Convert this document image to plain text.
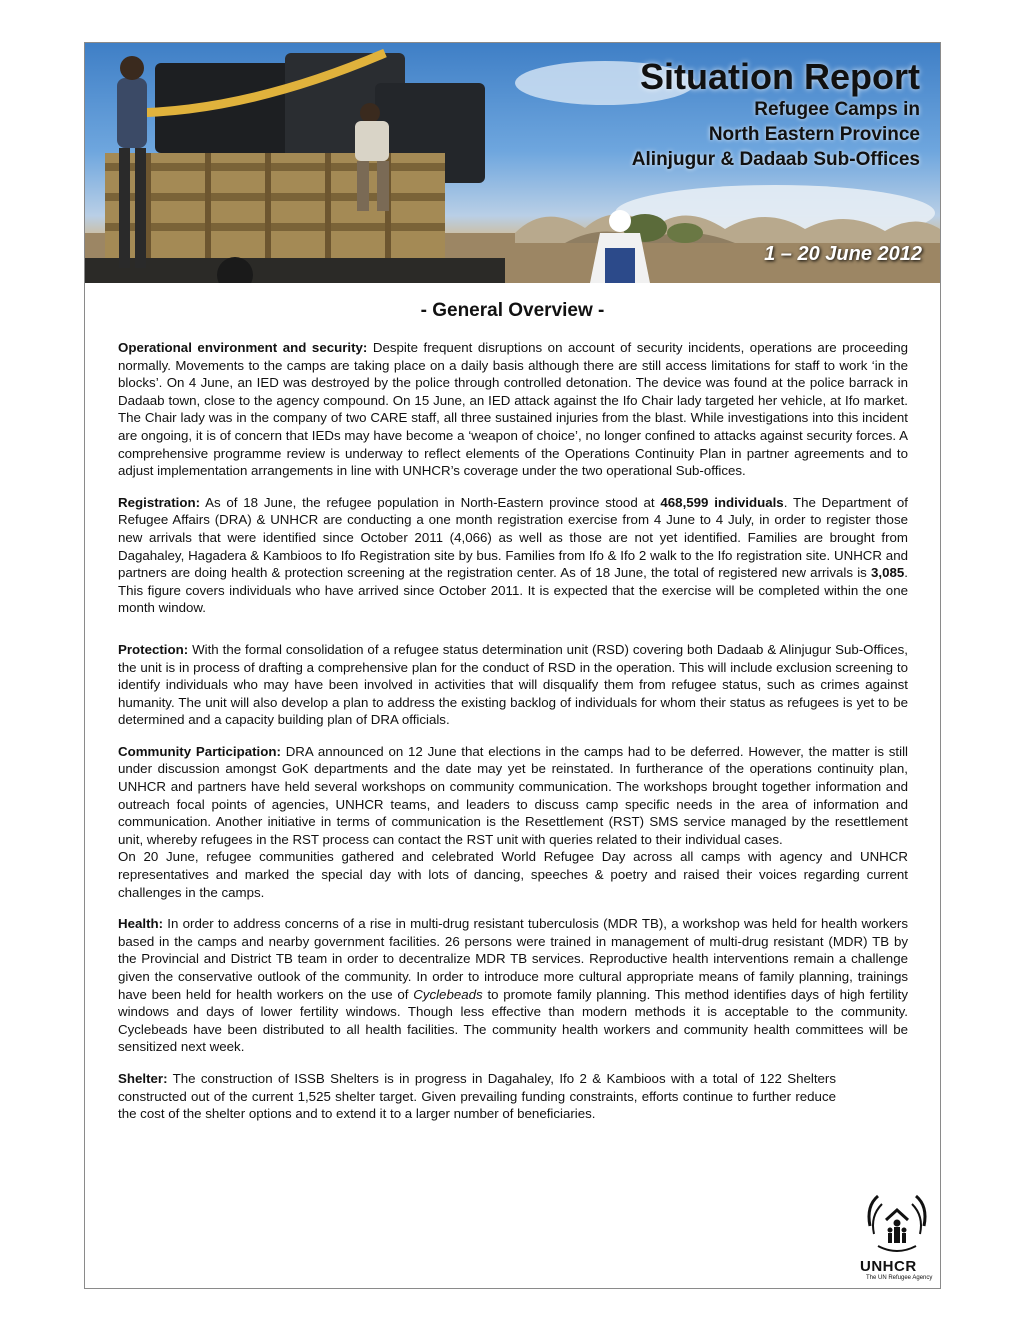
Situation Report
Refugee Camps in
North Eastern Province
Alinjugur & Dadaab Sub-Offices
1 – 20 June 2012
- General Overview -

Operational environment and security: Despite frequent disruptions on account of security incidents, operations are proceeding normally. Movements to the camps are taking place on a daily basis although there are still access limitations for staff to work ‘in the blocks’. On 4 June, an IED was destroyed by the police through controlled detonation. The device was found at the police barrack in Dadaab town, close to the agency compound. On 15 June, an IED attack against the Ifo Chair lady targeted her vehicle, at Ifo market. The Chair lady was in the company of two CARE staff, all three sustained injuries from the blast. While investigations into this incident are ongoing, it is of concern that IEDs may have become a ‘weapon of choice’, no longer confined to attacks against security forces. A comprehensive programme review is underway to reflect elements of the Operations Continuity Plan in partner agreements and to adjust implementation arrangements in line with UNHCR’s coverage under the two operational Sub-offices.

Registration: As of 18 June, the refugee population in North-Eastern province stood at 468,599 individuals. The Department of Refugee Affairs (DRA) & UNHCR are conducting a one month registration exercise from 4 June to 4 July, in order to register those new arrivals that were identified since October 2011 (4,066) as well as those are not yet identified. Families are brought from Dagahaley, Hagadera & Kambioos to Ifo Registration site by bus. Families from Ifo & Ifo 2 walk to the Ifo registration site. UNHCR and partners are doing health & protection screening at the registration center. As of 18 June, the total of registered new arrivals is 3,085. This figure covers individuals who have arrived since October 2011. It is expected that the exercise will be completed within the one month window.

Protection: With the formal consolidation of a refugee status determination unit (RSD) covering both Dadaab & Alinjugur Sub-Offices, the unit is in process of drafting a comprehensive plan for the conduct of RSD in the operation. This will include exclusion screening to identify individuals who may have been involved in activities that will disqualify them from refugee status, such as crimes against humanity. The unit will also develop a plan to address the existing backlog of individuals for whom their status as refugees is yet to be determined and a capacity building plan of DRA officials.

Community Participation: DRA announced on 12 June that elections in the camps had to be deferred. However, the matter is still under discussion amongst GoK departments and the date may yet be reinstated. In furtherance of the operations continuity plan, UNHCR and partners have held several workshops on community communication. The workshops brought together information and outreach focal points of agencies, UNHCR teams, and leaders to discuss camp specific needs in the area of information and communication. Another initiative in terms of communication is the Resettlement (RST) SMS service managed by the resettlement unit, whereby refugees in the RST process can contact the RST unit with queries related to their individual cases.
On 20 June, refugee communities gathered and celebrated World Refugee Day across all camps with agency and UNHCR representatives and marked the special day with lots of dancing, speeches & poetry and raised their voices regarding current challenges in the camps.

Health: In order to address concerns of a rise in multi-drug resistant tuberculosis (MDR TB), a workshop was held for health workers based in the camps and nearby government facilities. 26 persons were trained in management of multi-drug resistant (MDR) TB by the Provincial and District TB team in order to decentralize MDR TB services. Reproductive health interventions remain a challenge given the conservative outlook of the community. In order to introduce more cultural appropriate means of family planning, trainings have been held for health workers on the use of Cyclebeads to promote family planning. This method identifies days of high fertility windows and days of lower fertility windows. Though less effective than modern methods it is acceptable to the community. Cyclebeads have been distributed to all health facilities. The community health workers and community health committees will be sensitized next week.

Shelter: The construction of ISSB Shelters is in progress in Dagahaley, Ifo 2 & Kambioos with a total of 122 Shelters constructed out of the current 1,525 shelter target. Given prevailing funding constraints, efforts continue to further reduce the cost of the shelter options and to extend it to a larger number of beneficiaries.

UNHCR
The UN Refugee Agency
